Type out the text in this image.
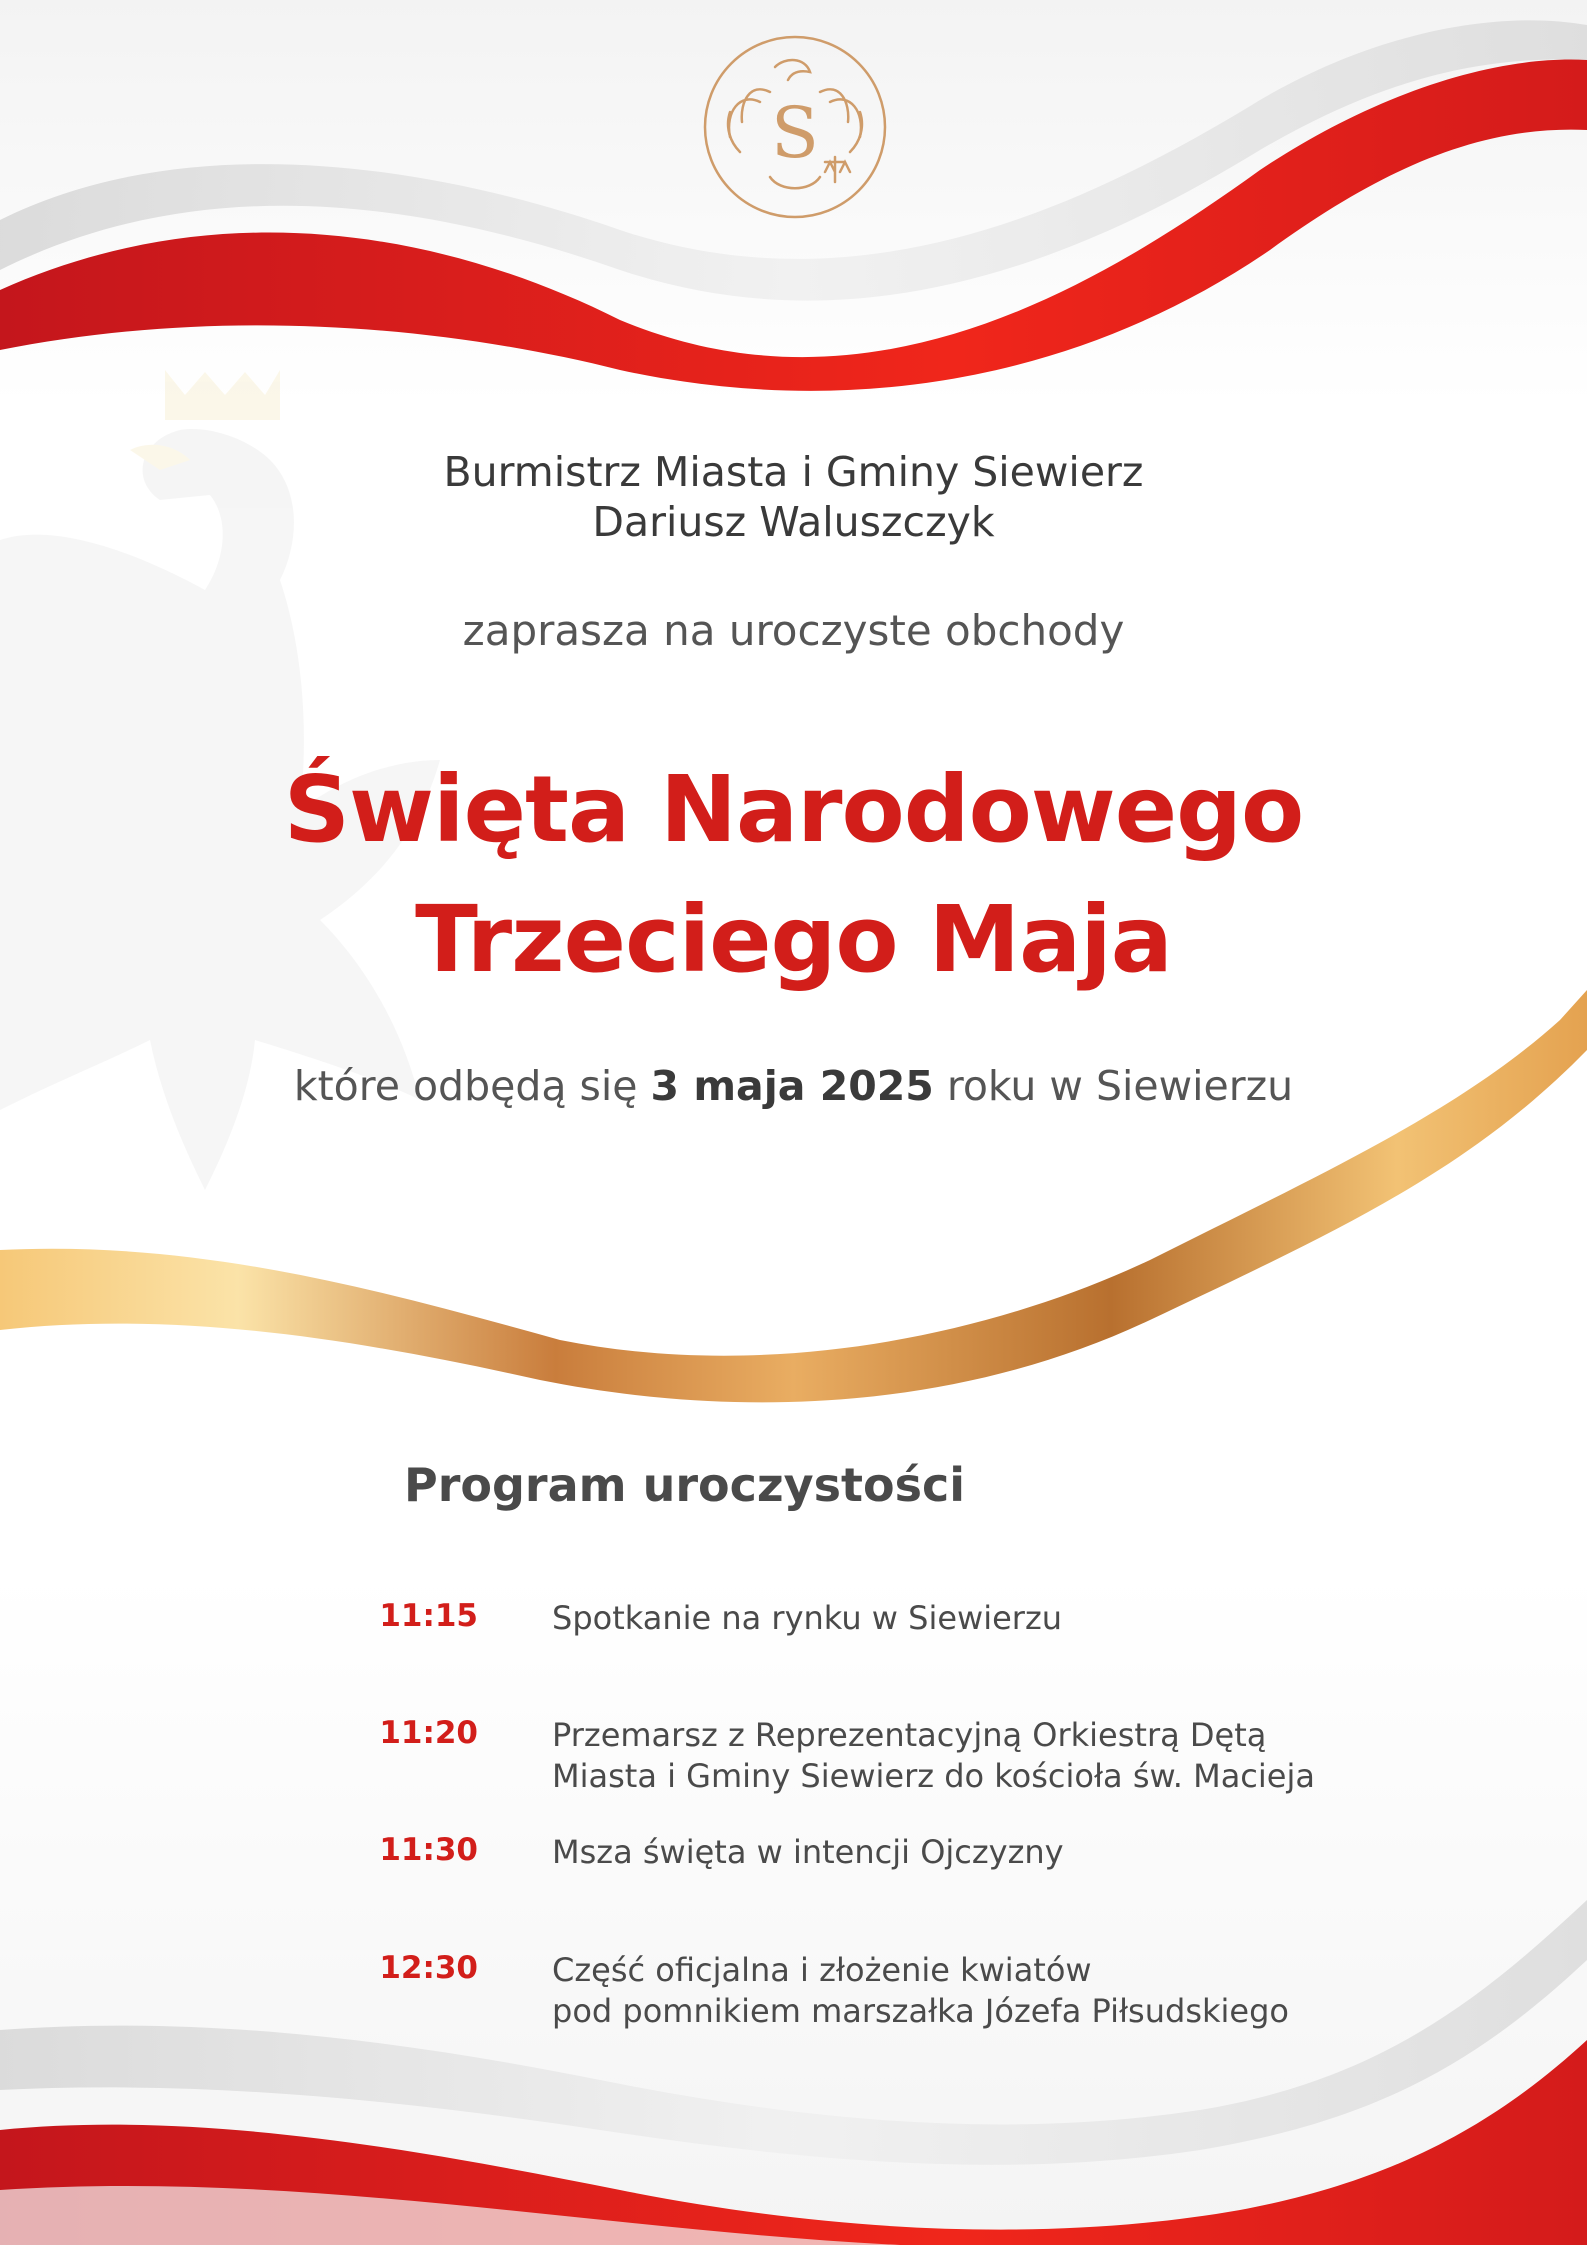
S
Burmistrz Miasta i Gminy Siewierz
Dariusz Waluszczyk

zaprasza na uroczyste obchody

Święta Narodowego
Trzeciego Maja

które odbędą się 3 maja 2025 roku w Siewierzu

Program uroczystości
11:15 Spotkanie na rynku w Siewierzu
11:20 Przemarsz z Reprezentacyjną Orkiestrą Dętą
Miasta i Gminy Siewierz do kościoła św. Macieja
11:30 Msza święta w intencji Ojczyzny
12:30 Część oficjalna i złożenie kwiatów
pod pomnikiem marszałka Józefa Piłsudskiego
